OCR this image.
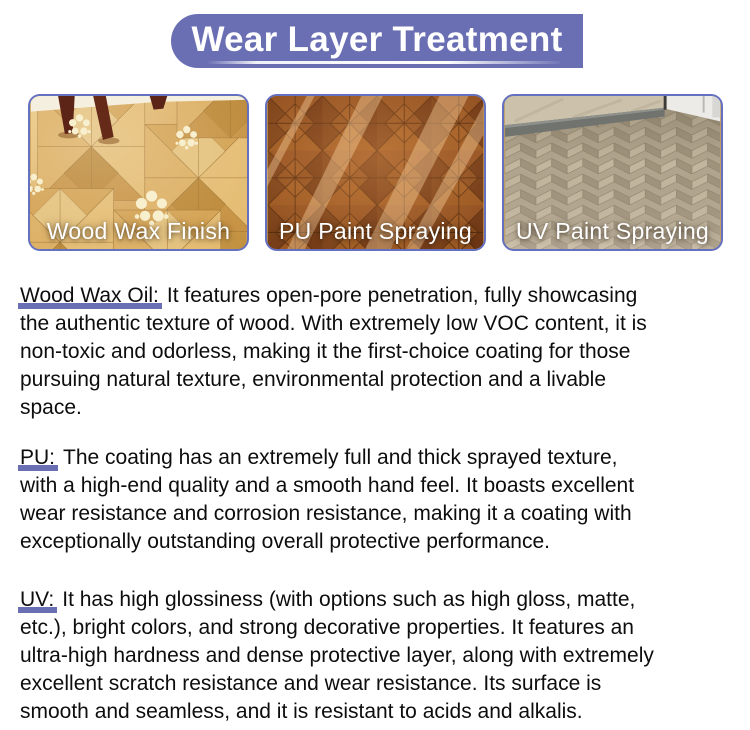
Wear Layer Treatment
Wood Wax Finish	PU Paint Spraying	UV Paint Spraying
Wood Wax Oil: It features open-pore penetration, fully showcasing
the authentic texture of wood. With extremely low VOC content, it is
non-toxic and odorless, making it the first-choice coating for those
pursuing natural texture, environmental protection and a livable
space.
PU: The coating has an extremely full and thick sprayed texture,
with a high-end quality and a smooth hand feel. It boasts excellent
wear resistance and corrosion resistance, making it a coating with
exceptionally outstanding overall protective performance.
UV: It has high glossiness (with options such as high gloss, matte,
etc.), bright colors, and strong decorative properties. It features an
ultra-high hardness and dense protective layer, along with extremely
excellent scratch resistance and wear resistance. Its surface is
smooth and seamless, and it is resistant to acids and alkalis.
